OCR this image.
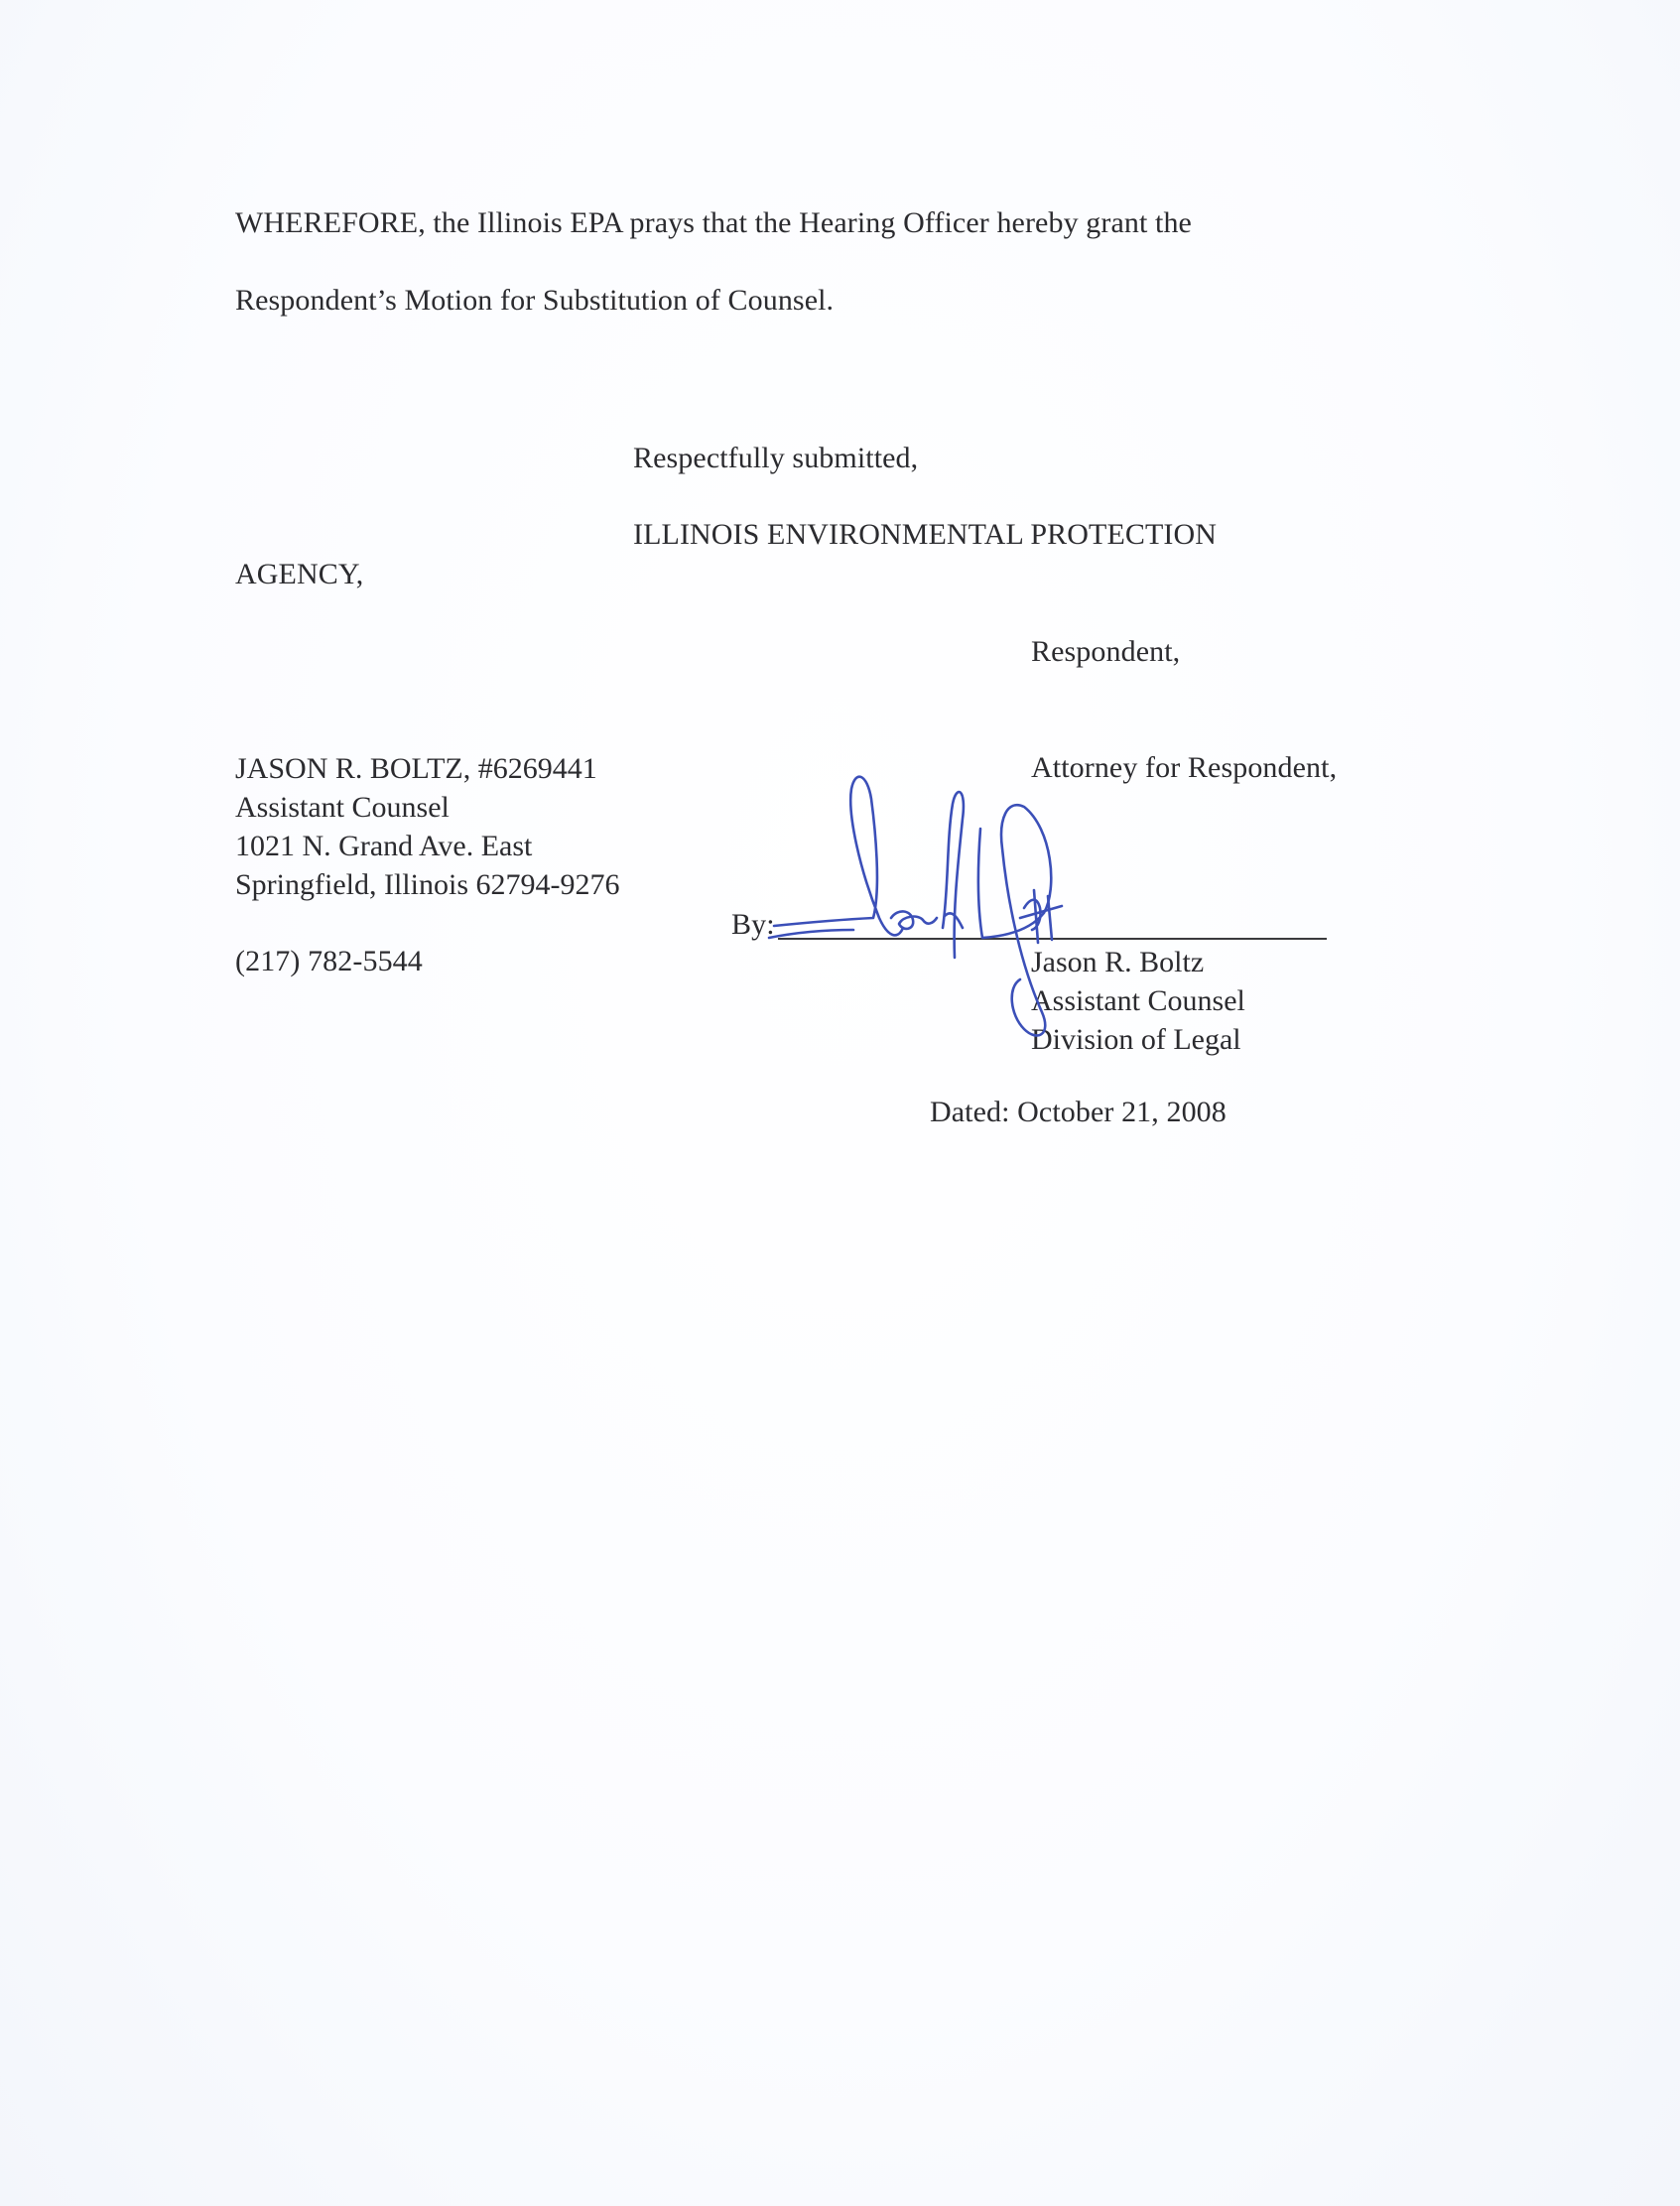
WHEREFORE, the Illinois EPA prays that the Hearing Officer hereby grant the
Respondent’s Motion for Substitution of Counsel.
Respectfully submitted,
ILLINOIS ENVIRONMENTAL PROTECTION
AGENCY,
Respondent,
JASON R. BOLTZ, #6269441
Assistant Counsel
1021 N. Grand Ave. East
Springfield, Illinois 62794-9276
(217) 782-5544
Attorney for Respondent,
By:
Jason R. Boltz
Assistant Counsel
Division of Legal
Dated: October 21, 2008
